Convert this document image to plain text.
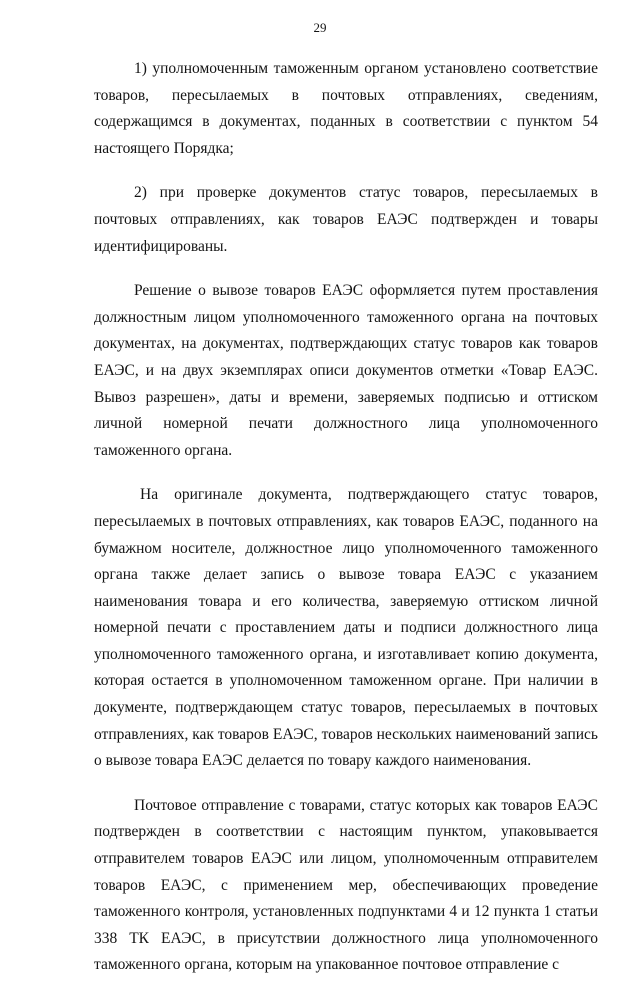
29

1) уполномоченным таможенным органом установлено соответствие товаров, пересылаемых в почтовых отправлениях, сведениям, содержащимся в документах, поданных в соответствии с пунктом 54 настоящего Порядка;

2) при проверке документов статус товаров, пересылаемых в почтовых отправлениях, как товаров ЕАЭС подтвержден и товары идентифицированы.

Решение о вывозе товаров ЕАЭС оформляется путем проставления должностным лицом уполномоченного таможенного органа на почтовых документах, на документах, подтверждающих статус товаров как товаров ЕАЭС, и на двух экземплярах описи документов отметки «Товар ЕАЭС. Вывоз разрешен», даты и времени, заверяемых подписью и оттиском личной номерной печати должностного лица уполномоченного таможенного органа.

На оригинале документа, подтверждающего статус товаров, пересылаемых в почтовых отправлениях, как товаров ЕАЭС, поданного на бумажном носителе, должностное лицо уполномоченного таможенного органа также делает запись о вывозе товара ЕАЭС с указанием наименования товара и его количества, заверяемую оттиском личной номерной печати с проставлением даты и подписи должностного лица уполномоченного таможенного органа, и изготавливает копию документа, которая остается в уполномоченном таможенном органе. При наличии в документе, подтверждающем статус товаров, пересылаемых в почтовых отправлениях, как товаров ЕАЭС, товаров нескольких наименований запись о вывозе товара ЕАЭС делается по товару каждого наименования.

Почтовое отправление с товарами, статус которых как товаров ЕАЭС подтвержден в соответствии с настоящим пунктом, упаковывается отправителем товаров ЕАЭС или лицом, уполномоченным отправителем товаров ЕАЭС, с применением мер, обеспечивающих проведение таможенного контроля, установленных подпунктами 4 и 12 пункта 1 статьи 338 ТК ЕАЭС, в присутствии должностного лица уполномоченного таможенного органа, которым на упакованное почтовое отправление с
